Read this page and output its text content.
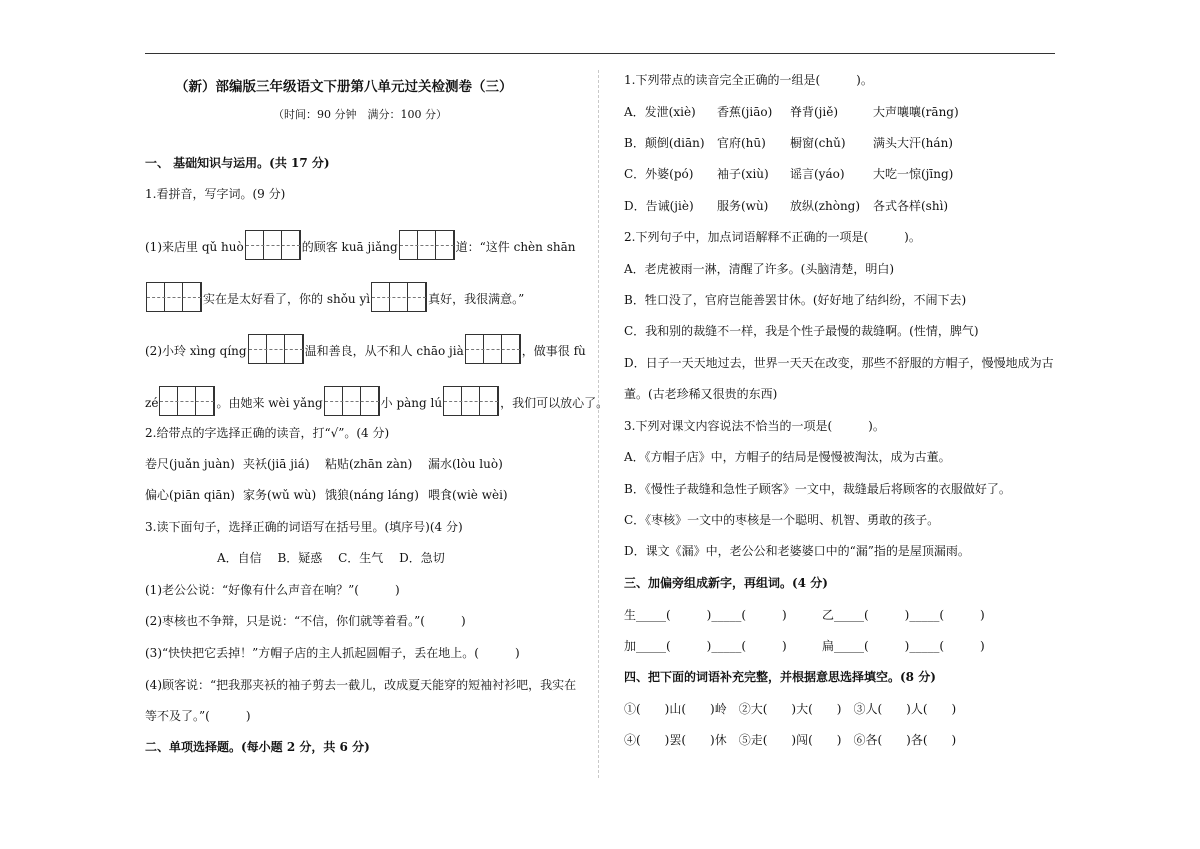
（新）部编版三年级语文下册第八单元过关检测卷（三）
（时间：90 分钟　满分：100 分）
一、 基础知识与运用。(共 17 分)
1.看拼音，写字词。(9 分)
(1)来店里 qǔ huò	的顾客 kuā jiǎng	道：“这件 chèn shān
实在是太好看了，你的 shǒu yì	真好，我很满意。”
(2)小玲 xìng qíng	温和善良，从不和人 chāo jià	，做事很 fù
zé	。由她来 wèi yǎng	小 pàng lú	，我们可以放心了。
2.给带点的字选择正确的读音，打“√”。(4 分)
卷尺(juǎn juàn) 夹袄(jiā jiá) 粘贴(zhān zàn) 漏水(lòu luò)
偏心(piān qiān) 家务(wǔ wù) 饿狼(náng láng) 喂食(wiè wèi)
3.读下面句子，选择正确的词语写在括号里。(填序号)(4 分)
A．自信　 B．疑惑　 C．生气　 D．急切
(1)老公公说：“好像有什么声音在响？”(　　　)
(2)枣核也不争辩，只是说：“不信，你们就等着看。”(　　　)
(3)“快快把它丢掉！”方帽子店的主人抓起圆帽子，丢在地上。(　　　)
(4)顾客说：“把我那夹袄的袖子剪去一截儿，改成夏天能穿的短袖衬衫吧，我实在
等不及了。”(　　　)
二、单项选择题。(每小题 2 分，共 6 分)
1.下列带点的读音完全正确的一组是(　　　)。
A．发泄(xiè) 香蕉(jiāo) 脊背(jiě)	大声嚷嚷(rāng)
B．颠倒(diān) 官府(hū) 橱窗(chǔ) 满头大汗(hán)
C．外婆(pó) 袖子(xiù) 谣言(yáo) 大吃一惊(jīng)
D．告诫(jiè) 服务(wù) 放纵(zhòng) 各式各样(shì)
2.下列句子中，加点词语解释不正确的一项是(　　　)。
A．老虎被雨一淋，清醒了许多。(头脑清楚，明白)
B．牲口没了，官府岂能善罢甘休。(好好地了结纠纷，不闹下去)
C．我和别的裁缝不一样，我是个性子最慢的裁缝啊。(性情，脾气)
D．日子一天天地过去，世界一天天在改变，那些不舒服的方帽子，慢慢地成为古
董。(古老珍稀又很贵的东西)
3.下列对课文内容说法不恰当的一项是(　　　)。
A．《方帽子店》中，方帽子的结局是慢慢被淘汰，成为古董。
B．《慢性子裁缝和急性子顾客》一文中，裁缝最后将顾客的衣服做好了。
C．《枣核》一文中的枣核是一个聪明、机智、勇敢的孩子。
D．课文《漏》中，老公公和老婆婆口中的“漏”指的是屋顶漏雨。
三、加偏旁组成新字，再组词。(4 分)
生_____(　　　)_____(　　　)	乙_____(　　　)_____(　　　)
加_____(　　　)_____(　　　)	扁_____(　　　)_____(　　　)
四、把下面的词语补充完整，并根据意思选择填空。(8 分)
①(　　)山(　　)岭　②大(　　)大(　　)　③人(　　)人(　　)
④(　　)罢(　　)休　⑤走(　　)闯(　　)　⑥各(　　)各(　　)
